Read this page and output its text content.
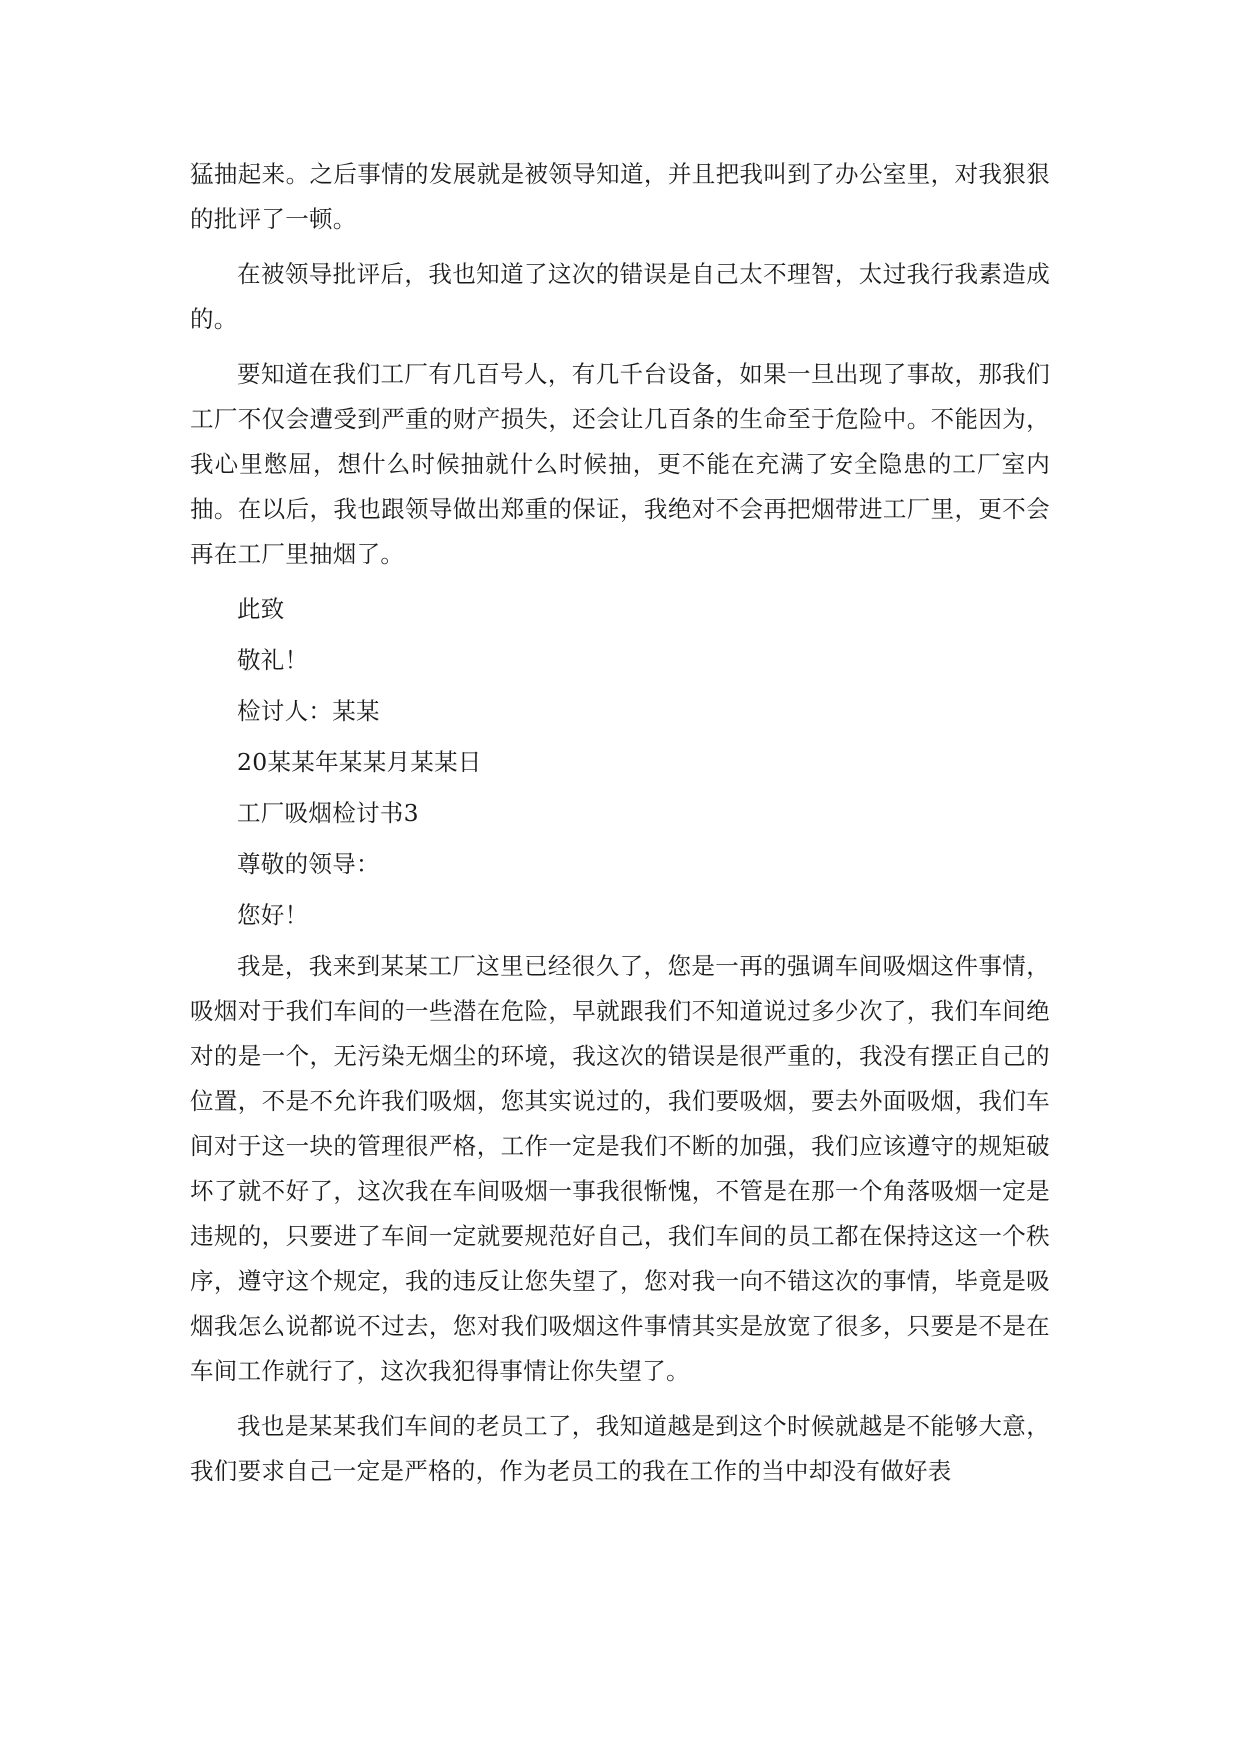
猛抽起来。之后事情的发展就是被领导知道，并且把我叫到了办公室里，对我狠狠的批评了一顿。

在被领导批评后，我也知道了这次的错误是自己太不理智，太过我行我素造成的。

要知道在我们工厂有几百号人，有几千台设备，如果一旦出现了事故，那我们工厂不仅会遭受到严重的财产损失，还会让几百条的生命至于危险中。不能因为，我心里憋屈，想什么时候抽就什么时候抽，更不能在充满了安全隐患的工厂室内抽。在以后，我也跟领导做出郑重的保证，我绝对不会再把烟带进工厂里，更不会再在工厂里抽烟了。

此致

敬礼！

检讨人：某某

20某某年某某月某某日

工厂吸烟检讨书3

尊敬的领导：

您好！

我是，我来到某某工厂这里已经很久了，您是一再的强调车间吸烟这件事情，吸烟对于我们车间的一些潜在危险，早就跟我们不知道说过多少次了，我们车间绝对的是一个，无污染无烟尘的环境，我这次的错误是很严重的，我没有摆正自己的位置，不是不允许我们吸烟，您其实说过的，我们要吸烟，要去外面吸烟，我们车间对于这一块的管理很严格，工作一定是我们不断的加强，我们应该遵守的规矩破坏了就不好了，这次我在车间吸烟一事我很惭愧，不管是在那一个角落吸烟一定是违规的，只要进了车间一定就要规范好自己，我们车间的员工都在保持这这一个秩序，遵守这个规定，我的违反让您失望了，您对我一向不错这次的事情，毕竟是吸烟我怎么说都说不过去，您对我们吸烟这件事情其实是放宽了很多，只要是不是在车间工作就行了，这次我犯得事情让你失望了。

我也是某某我们车间的老员工了，我知道越是到这个时候就越是不能够大意，我们要求自己一定是严格的，作为老员工的我在工作的当中却没有做好表
